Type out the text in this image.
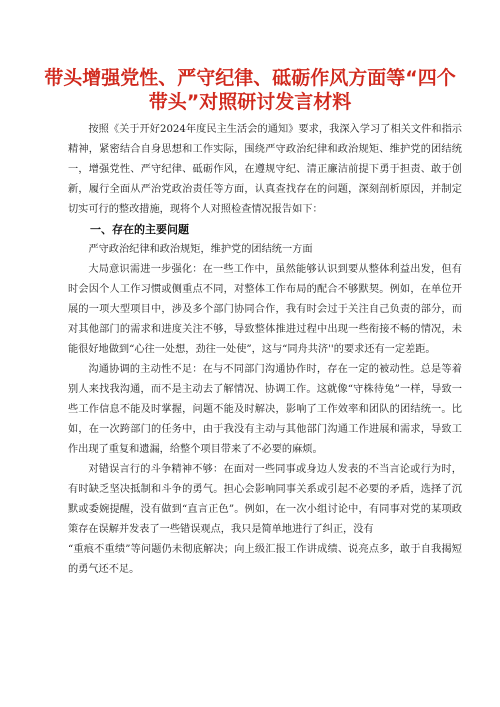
带头增强党性、严守纪律、砥砺作风方面等“四个
带头”对照研讨发言材料

按照《关于开好2024年度民主生活会的通知》要求，我深入学习了相关文件和指示精神，紧密结合自身思想和工作实际，围绕严守政治纪律和政治规矩、维护党的团结统一，增强党性、严守纪律、砥砺作风，在遵规守纪、清正廉洁前提下勇于担责、敢于创新，履行全面从严治党政治责任等方面，认真查找存在的问题，深刻剖析原因，并制定切实可行的整改措施，现将个人对照检查情况报告如下：

一、存在的主要问题

严守政治纪律和政治规矩，维护党的团结统一方面

大局意识需进一步强化：在一些工作中，虽然能够认识到要从整体利益出发，但有时会因个人工作习惯或侧重点不同，对整体工作布局的配合不够默契。例如，在单位开展的一项大型项目中，涉及多个部门协同合作，我有时会过于关注自己负责的部分，而对其他部门的需求和进度关注不够，导致整体推进过程中出现一些衔接不畅的情况，未能很好地做到“心往一处想，劲往一处使”，这与“同舟共济''的要求还有一定差距。

沟通协调的主动性不足：在与不同部门沟通协作时，存在一定的被动性。总是等着别人来找我沟通，而不是主动去了解情况、协调工作。这就像“守株待兔”一样，导致一些工作信息不能及时掌握，问题不能及时解决，影响了工作效率和团队的团结统一。比如，在一次跨部门的任务中，由于我没有主动与其他部门沟通工作进展和需求，导致工作出现了重复和遗漏，给整个项目带来了不必要的麻烦。

对错误言行的斗争精神不够：在面对一些同事或身边人发表的不当言论或行为时，有时缺乏坚决抵制和斗争的勇气。担心会影响同事关系或引起不必要的矛盾，选择了沉默或委婉提醒，没有做到“直言正色”。例如，在一次小组讨论中，有同事对党的某项政策存在误解并发表了一些错误观点，我只是简单地进行了纠正，没有

“重痕不重绩”等问题仍未彻底解决；向上级汇报工作讲成绩、说亮点多，敢于自我揭短的勇气还不足。
